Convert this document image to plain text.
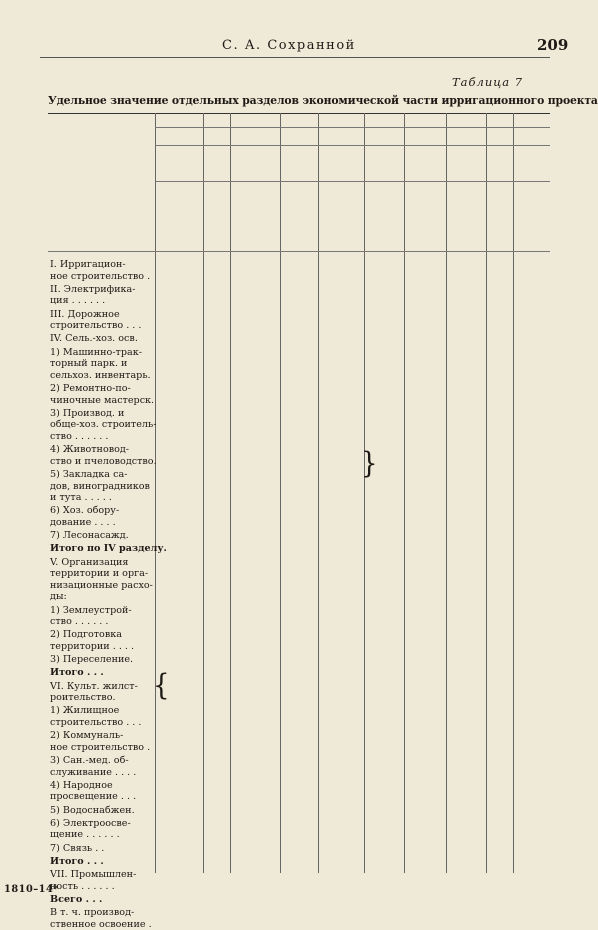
С. А. Сохранной	209
Таблица 7
Удельное значение отдельных разделов экономической части ирригационного проекта
I. Ирригацион-
ное строительство .
II. Электрифика-
ция . . . . . .
III. Дорожное
строительство . . .
IV. Сель.-хоз. осв.
1) Машинно-трак-
торный парк. и
сельхоз. инвентарь.
2) Ремонтно-по-
чиночные мастерск.
3) Производ. и
обще-хоз. строитель-
ство . . . . . .
4) Животновод-
ство и пчеловодство.
5) Закладка са-
дов, виноградников
и тута . . . . .
6) Хоз. обору-
дование . . . .
7) Лесонасажд.
Итого по IV разделу.
V. Организация
территории и орга-
низационные расхо-
ды:
1) Землеустрой-
ство . . . . . .
2) Подготовка
территории . . . .
3) Переселение.
Итого . . .
VI. Культ. жилст-
роительство.
1) Жилищное
строительство . . .
2) Коммуналь-
ное строительство .
3) Сан.-мед. об-
служивание . . . .
4) Народное
просвещение . . .
5) Водоснабжен.
6) Электроосве-
щение . . . . . .
7) Связь . .
Итого . . .
VII. Промышлен-
ность . . . . . .
Всего . . .
В т. ч. производ-
ственное освоение .
}
{
1810–14*
